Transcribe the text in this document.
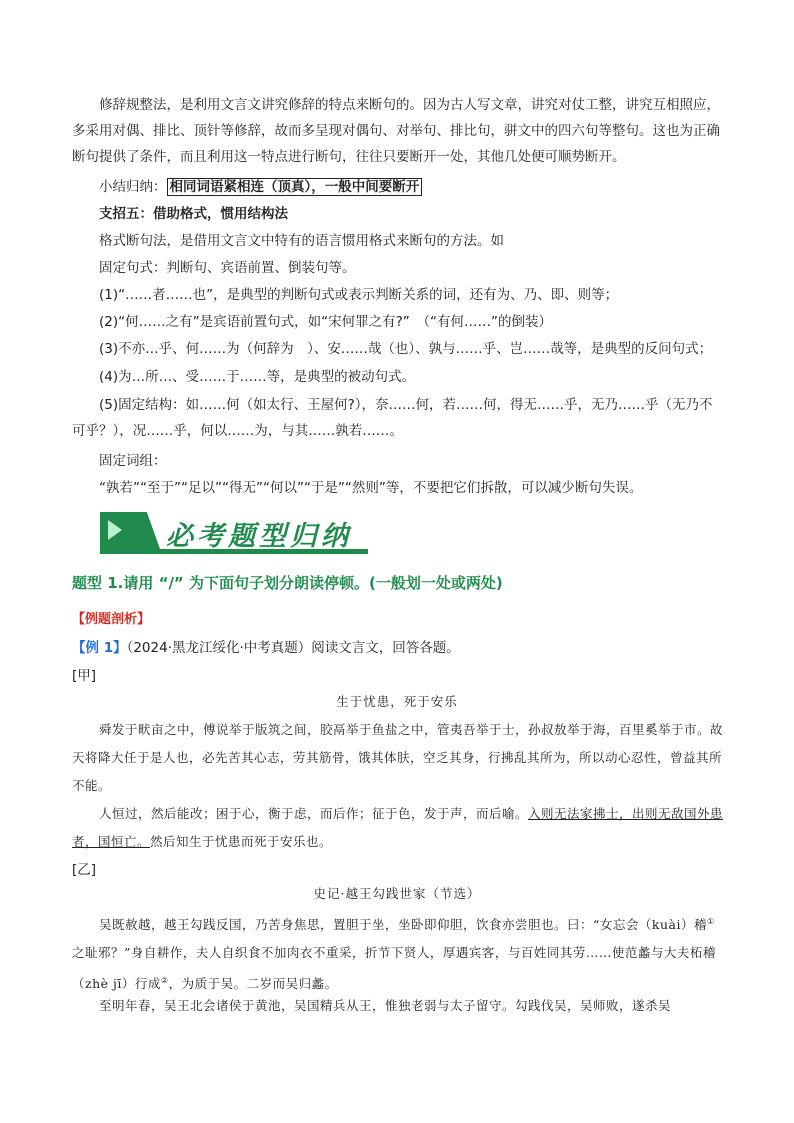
修辞规整法，是利用文言文讲究修辞的特点来断句的。因为古人写文章，讲究对仗工整，讲究互相照应，多采用对偶、排比、顶针等修辞，故而多呈现对偶句、对举句、排比句，骈文中的四六句等整句。这也为正确断句提供了条件，而且利用这一特点进行断句，往往只要断开一处，其他几处便可顺势断开。

小结归纳： 相同词语紧相连（顶真），一般中间要断开

支招五：借助格式，惯用结构法

格式断句法，是借用文言文中特有的语言惯用格式来断句的方法。如

固定句式：判断句、宾语前置、倒装句等。

(1)“……者……也”，是典型的判断句式或表示判断关系的词，还有为、乃、即、则等；

(2)“何……之有”是宾语前置句式，如“宋何罪之有?”　（“有何……”的倒装）

(3)不亦…乎、何……为（何辞为　）、安……哉（也）、孰与……乎、岂……哉等，是典型的反问句式；

(4)为…所…、受……于……等，是典型的被动句式。

(5)固定结构：如……何（如太行、王屋何?），奈……何，若……何，得无……乎，无乃……乎（无乃不可乎？），况……乎，何以……为，与其……孰若……。

固定词组：

“孰若”“至于”“足以”“得无”“何以”“于是”“然则”等，不要把它们拆散，可以减少断句失误。

必考题型归纳
题型 1.请用 “/” 为下面句子划分朗读停顿。(一般划一处或两处)
【例题剖析】
【例 1】（2024·黑龙江绥化·中考真题）阅读文言文，回答各题。
[甲]
生于忧患，死于安乐

舜发于畎亩之中，傅说举于版筑之间，胶鬲举于鱼盐之中，管夷吾举于士，孙叔敖举于海，百里奚举于市。故天将降大任于是人也，必先苦其心志，劳其筋骨，饿其体肤，空乏其身，行拂乱其所为，所以动心忍性，曾益其所不能。

人恒过，然后能改；困于心，衡于虑，而后作；征于色，发于声，而后喻。入则无法家拂士，出则无敌国外患者，国恒亡。然后知生于忧患而死于安乐也。

[乙]
史记·越王勾践世家（节选）

吴既赦越，越王勾践反国，乃苦身焦思，置胆于坐，坐卧即仰胆，饮食亦尝胆也。曰：“女忘会（kuài）稽①之耻邪？”身自耕作，夫人自织食不加肉衣不重采，折节下贤人，厚遇宾客，与百姓同其劳……使范蠡与大夫柘稽（zhè jī）行成②，为质于吴。二岁而吴归蠡。

至明年春，吴王北会诸侯于黄池，吴国精兵从王，惟独老弱与太子留守。勾践伐吴，吴师败，遂杀吴
